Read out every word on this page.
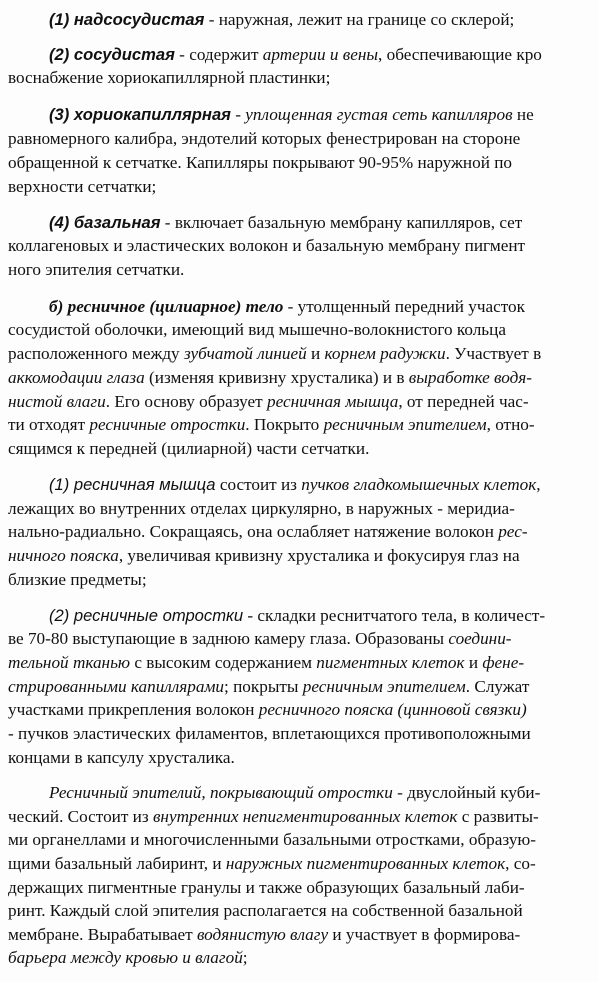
(1) надсосудистая - наружная, лежит на границе со склерой;
(2) сосудистая - содержит артерии и вены, обеспечивающие кро
воснабжение хориокапиллярной пластинки;
(3) хориокапиллярная - уплощенная густая сеть капилляров не
равномерного калибра, эндотелий которых фенестрирован на стороне
обращенной к сетчатке. Капилляры покрывают 90-95% наружной по
верхности сетчатки;
(4) базальная - включает базальную мембрану капилляров, сет
коллагеновых и эластических волокон и базальную мембрану пигмент
ного эпителия сетчатки.
б) ресничное (цилиарное) тело - утолщенный передний участок
сосудистой оболочки, имеющий вид мышечно-волокнистого кольца
расположенного между зубчатой линией и корнем радужки. Участвует в
аккомодации глаза (изменяя кривизну хрусталика) и в выработке водя-
нистой влаги. Его основу образует ресничная мышца, от передней час-
ти отходят ресничные отростки. Покрыто ресничным эпителием, отно-
сящимся к передней (цилиарной) части сетчатки.
(1) ресничная мышца состоит из пучков гладкомышечных клеток,
лежащих во внутренних отделах циркулярно, в наружных - меридиа-
нально-радиально. Сокращаясь, она ослабляет натяжение волокон рес-
ничного пояска, увеличивая кривизну хрусталика и фокусируя глаз на
близкие предметы;
(2) ресничные отростки - складки реснитчатого тела, в количест-
ве 70-80 выступающие в заднюю камеру глаза. Образованы соедини-
тельной тканью с высоким содержанием пигментных клеток и фене-
стрированными капиллярами; покрыты ресничным эпителием. Служат
участками прикрепления волокон ресничного пояска (цинновой связки)
- пучков эластических филаментов, вплетающихся противоположными
концами в капсулу хрусталика.
Ресничный эпителий, покрывающий отростки - двуслойный куби-
ческий. Состоит из внутренних непигментированных клеток с развиты-
ми органеллами и многочисленными базальными отростками, образую-
щими базальный лабиринт, и наружных пигментированных клеток, со-
держащих пигментные гранулы и также образующих базальный лаби-
ринт. Каждый слой эпителия располагается на собственной базальной
мембране. Вырабатывает водянистую влагу и участвует в формирова-
барьера между кровью и влагой;
